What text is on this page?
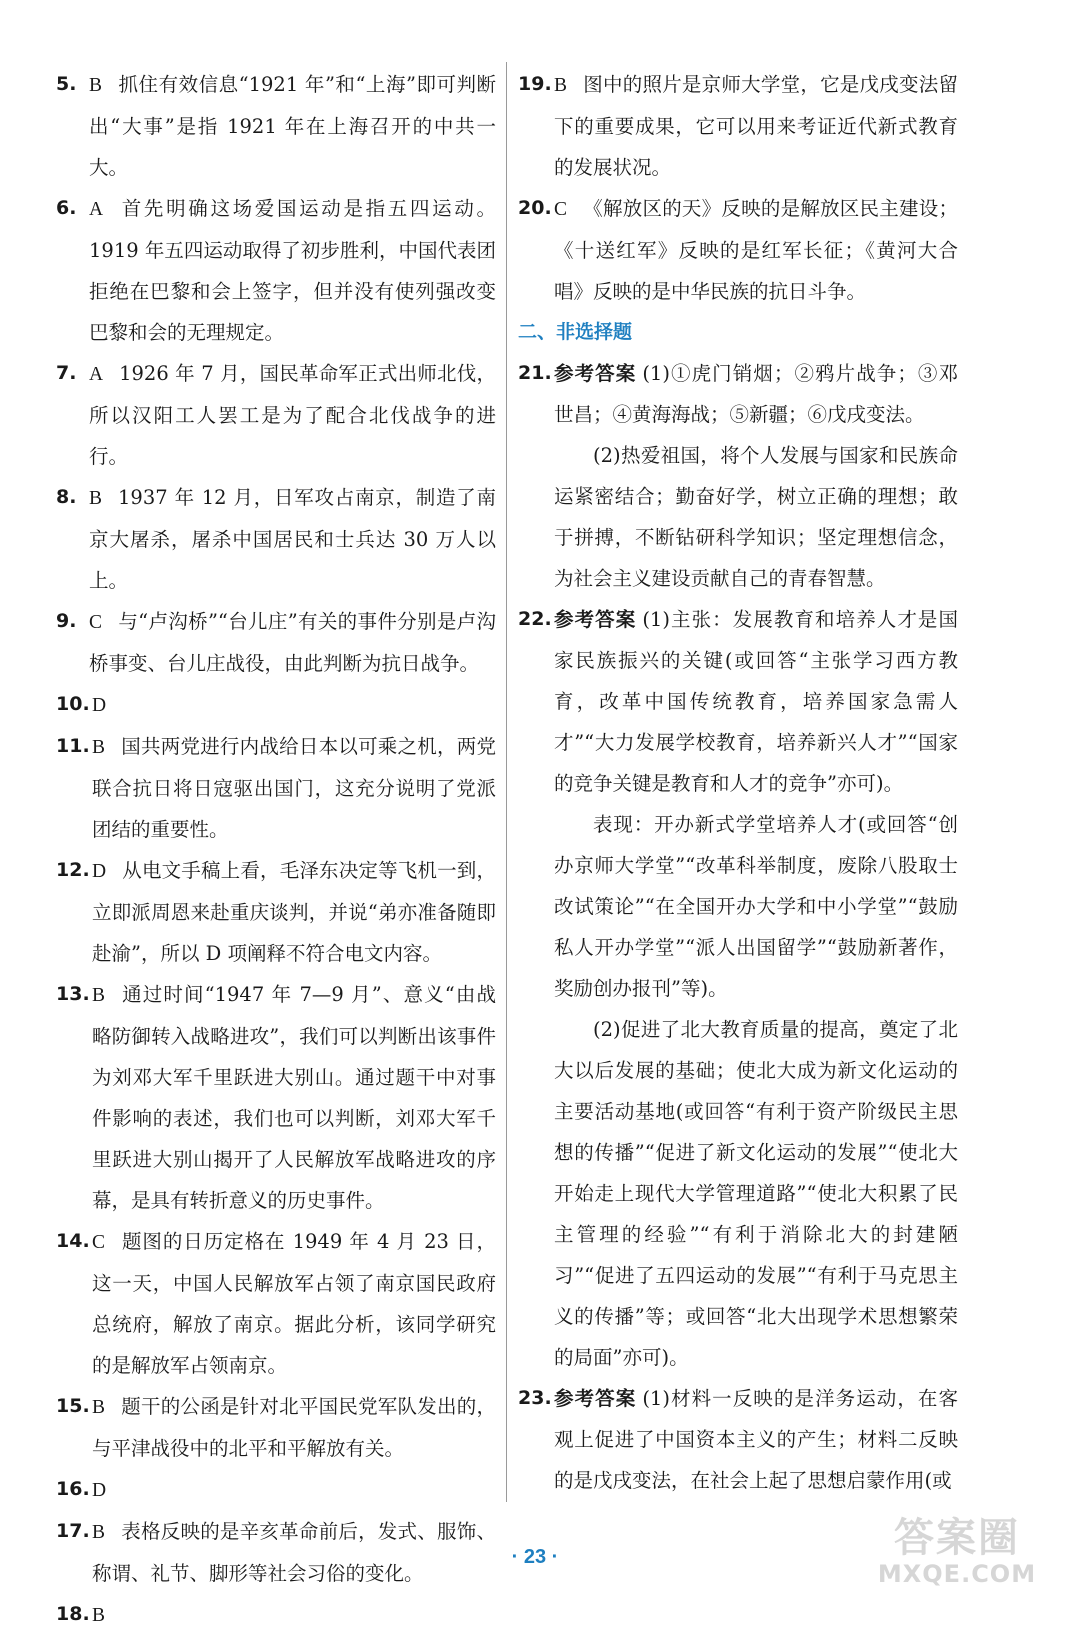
5. B 抓住有效信息“1921 年”和“上海”即可判断出“大事”是指 1921 年在上海召开的中共一大。

6. A 首先明确这场爱国运动是指五四运动。1919 年五四运动取得了初步胜利，中国代表团拒绝在巴黎和会上签字，但并没有使列强改变巴黎和会的无理规定。

7. A 1926 年 7 月，国民革命军正式出师北伐，所以汉阳工人罢工是为了配合北伐战争的进行。

8. B 1937 年 12 月，日军攻占南京，制造了南京大屠杀，屠杀中国居民和士兵达 30 万人以上。

9. C 与“卢沟桥”“台儿庄”有关的事件分别是卢沟桥事变、台儿庄战役，由此判断为抗日战争。

10. D

11. B 国共两党进行内战给日本以可乘之机，两党联合抗日将日寇驱出国门，这充分说明了党派团结的重要性。

12. D 从电文手稿上看，毛泽东决定等飞机一到，立即派周恩来赴重庆谈判，并说“弟亦准备随即赴渝”，所以 D 项阐释不符合电文内容。

13. B 通过时间“1947 年 7—9 月”、意义“由战略防御转入战略进攻”，我们可以判断出该事件为刘邓大军千里跃进大别山。通过题干中对事件影响的表述，我们也可以判断，刘邓大军千里跃进大别山揭开了人民解放军战略进攻的序幕，是具有转折意义的历史事件。

14. C 题图的日历定格在 1949 年 4 月 23 日，这一天，中国人民解放军占领了南京国民政府总统府，解放了南京。据此分析，该同学研究的是解放军占领南京。

15. B 题干的公函是针对北平国民党军队发出的，与平津战役中的北平和平解放有关。

16. D

17. B 表格反映的是辛亥革命前后，发式、服饰、称谓、礼节、脚形等社会习俗的变化。

18. B

19. B 图中的照片是京师大学堂，它是戊戌变法留下的重要成果，它可以用来考证近代新式教育的发展状况。

20. C 《解放区的天》反映的是解放区民主建设；《十送红军》反映的是红军长征；《黄河大合唱》反映的是中华民族的抗日斗争。

二、非选择题

21. 参考答案 (1)①虎门销烟；②鸦片战争；③邓世昌；④黄海海战；⑤新疆；⑥戊戌变法。

(2)热爱祖国，将个人发展与国家和民族命运紧密结合；勤奋好学，树立正确的理想；敢于拼搏，不断钻研科学知识；坚定理想信念，为社会主义建设贡献自己的青春智慧。

22. 参考答案 (1)主张：发展教育和培养人才是国家民族振兴的关键(或回答“主张学习西方教育，改革中国传统教育，培养国家急需人才”“大力发展学校教育，培养新兴人才”“国家的竞争关键是教育和人才的竞争”亦可)。

表现：开办新式学堂培养人才(或回答“创办京师大学堂”“改革科举制度，废除八股取士改试策论”“在全国开办大学和中小学堂”“鼓励私人开办学堂”“派人出国留学”“鼓励新著作，奖励创办报刊”等)。

(2)促进了北大教育质量的提高，奠定了北大以后发展的基础；使北大成为新文化运动的主要活动基地(或回答“有利于资产阶级民主思想的传播”“促进了新文化运动的发展”“使北大开始走上现代大学管理道路”“使北大积累了民主管理的经验”“有利于消除北大的封建陋习”“促进了五四运动的发展”“有利于马克思主义的传播”等；或回答“北大出现学术思想繁荣的局面”亦可)。

23. 参考答案 (1)材料一反映的是洋务运动，在客观上促进了中国资本主义的产生；材料二反映的是戊戌变法，在社会上起了思想启蒙作用(或

· 23 ·	答案圈
MXQE.COM
